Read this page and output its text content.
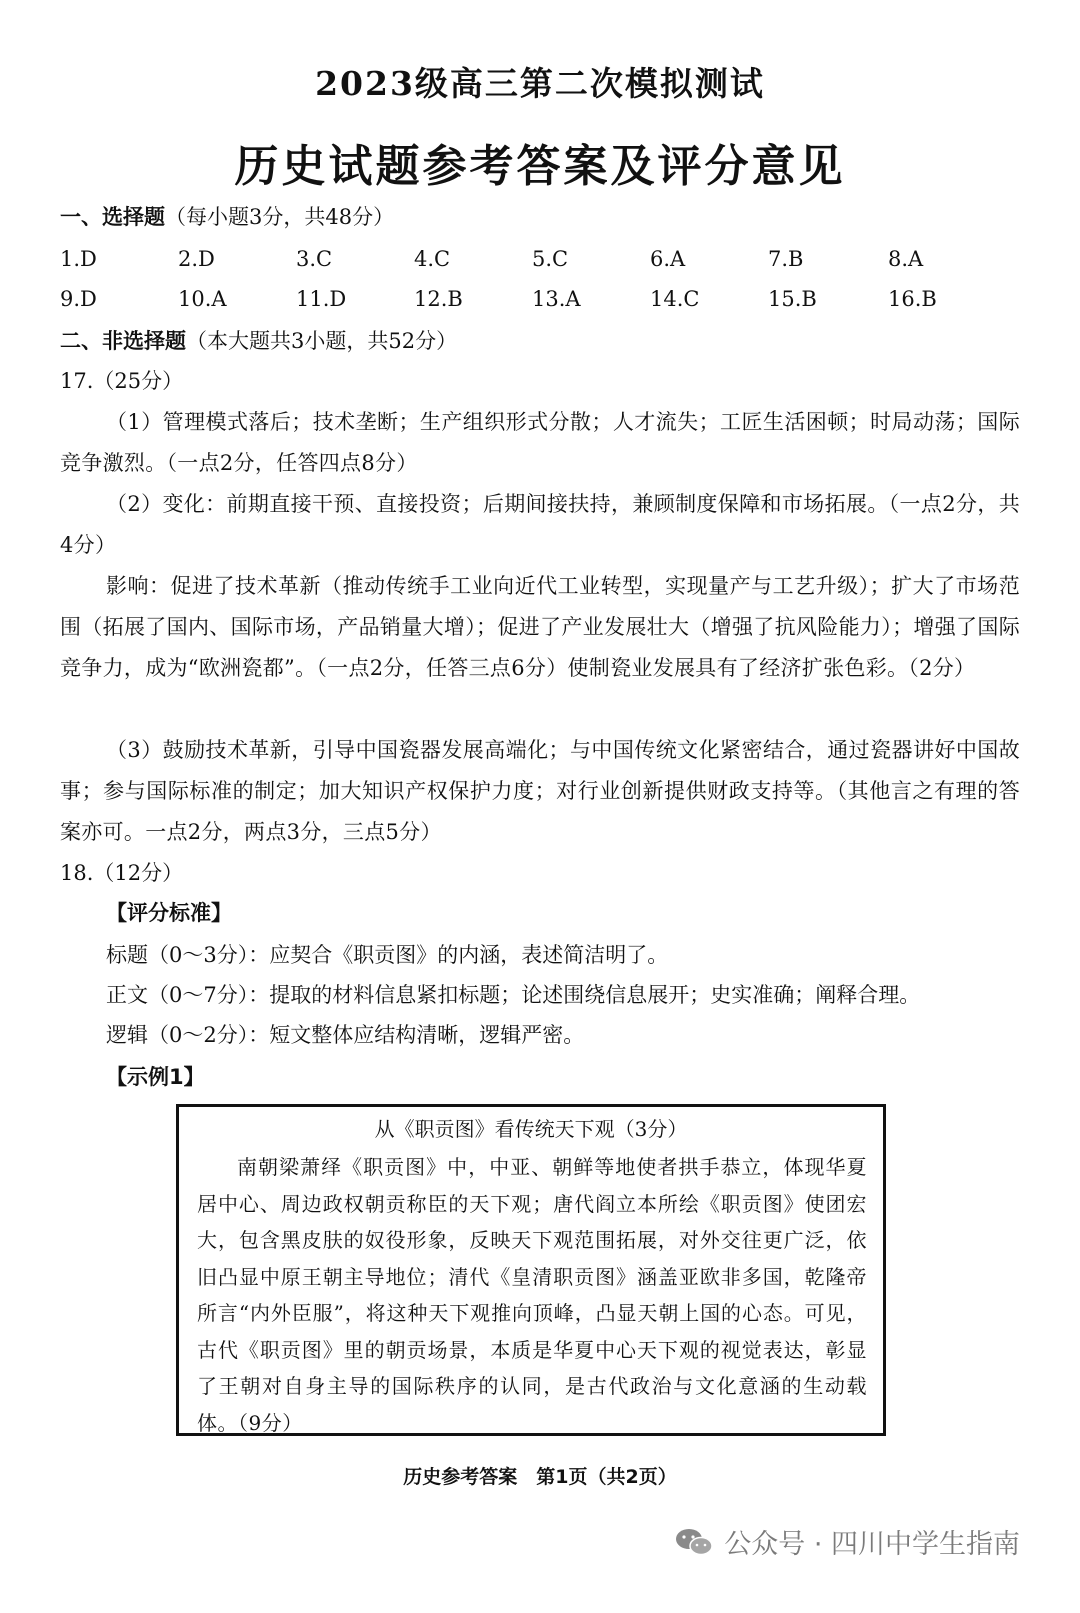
2023级高三第二次模拟测试
历史试题参考答案及评分意见
一、选择题（每小题3分，共48分）
1.D	2.D	3.C	4.C	5.C	6.A	7.B	8.A
9.D	10.A	11.D	12.B	13.A	14.C	15.B	16.B
二、非选择题（本大题共3小题，共52分）
17.（25分）
（1）管理模式落后；技术垄断；生产组织形式分散；人才流失；工匠生活困顿；时局动荡；国际竞争激烈。（一点2分，任答四点8分）
（2）变化：前期直接干预、直接投资；后期间接扶持，兼顾制度保障和市场拓展。（一点2分，共4分）
影响：促进了技术革新（推动传统手工业向近代工业转型，实现量产与工艺升级）；扩大了市场范围（拓展了国内、国际市场，产品销量大增）；促进了产业发展壮大（增强了抗风险能力）；增强了国际竞争力，成为“欧洲瓷都”。（一点2分，任答三点6分）使制瓷业发展具有了经济扩张色彩。（2分）
（3）鼓励技术革新，引导中国瓷器发展高端化；与中国传统文化紧密结合，通过瓷器讲好中国故事；参与国际标准的制定；加大知识产权保护力度；对行业创新提供财政支持等。（其他言之有理的答案亦可。一点2分，两点3分，三点5分）
18.（12分）
【评分标准】
标题（0～3分）：应契合《职贡图》的内涵，表述简洁明了。
正文（0～7分）：提取的材料信息紧扣标题；论述围绕信息展开；史实准确；阐释合理。
逻辑（0～2分）：短文整体应结构清晰，逻辑严密。
【示例1】
从《职贡图》看传统天下观（3分）
南朝梁萧绎《职贡图》中，中亚、朝鲜等地使者拱手恭立，体现华夏居中心、周边政权朝贡称臣的天下观；唐代阎立本所绘《职贡图》使团宏大，包含黑皮肤的奴役形象，反映天下观范围拓展，对外交往更广泛，依旧凸显中原王朝主导地位；清代《皇清职贡图》涵盖亚欧非多国，乾隆帝所言“内外臣服”，将这种天下观推向顶峰，凸显天朝上国的心态。可见，古代《职贡图》里的朝贡场景，本质是华夏中心天下观的视觉表达，彰显了王朝对自身主导的国际秩序的认同，是古代政治与文化意涵的生动载体。（9分）
历史参考答案　第1页（共2页）
公众号 · 四川中学生指南
